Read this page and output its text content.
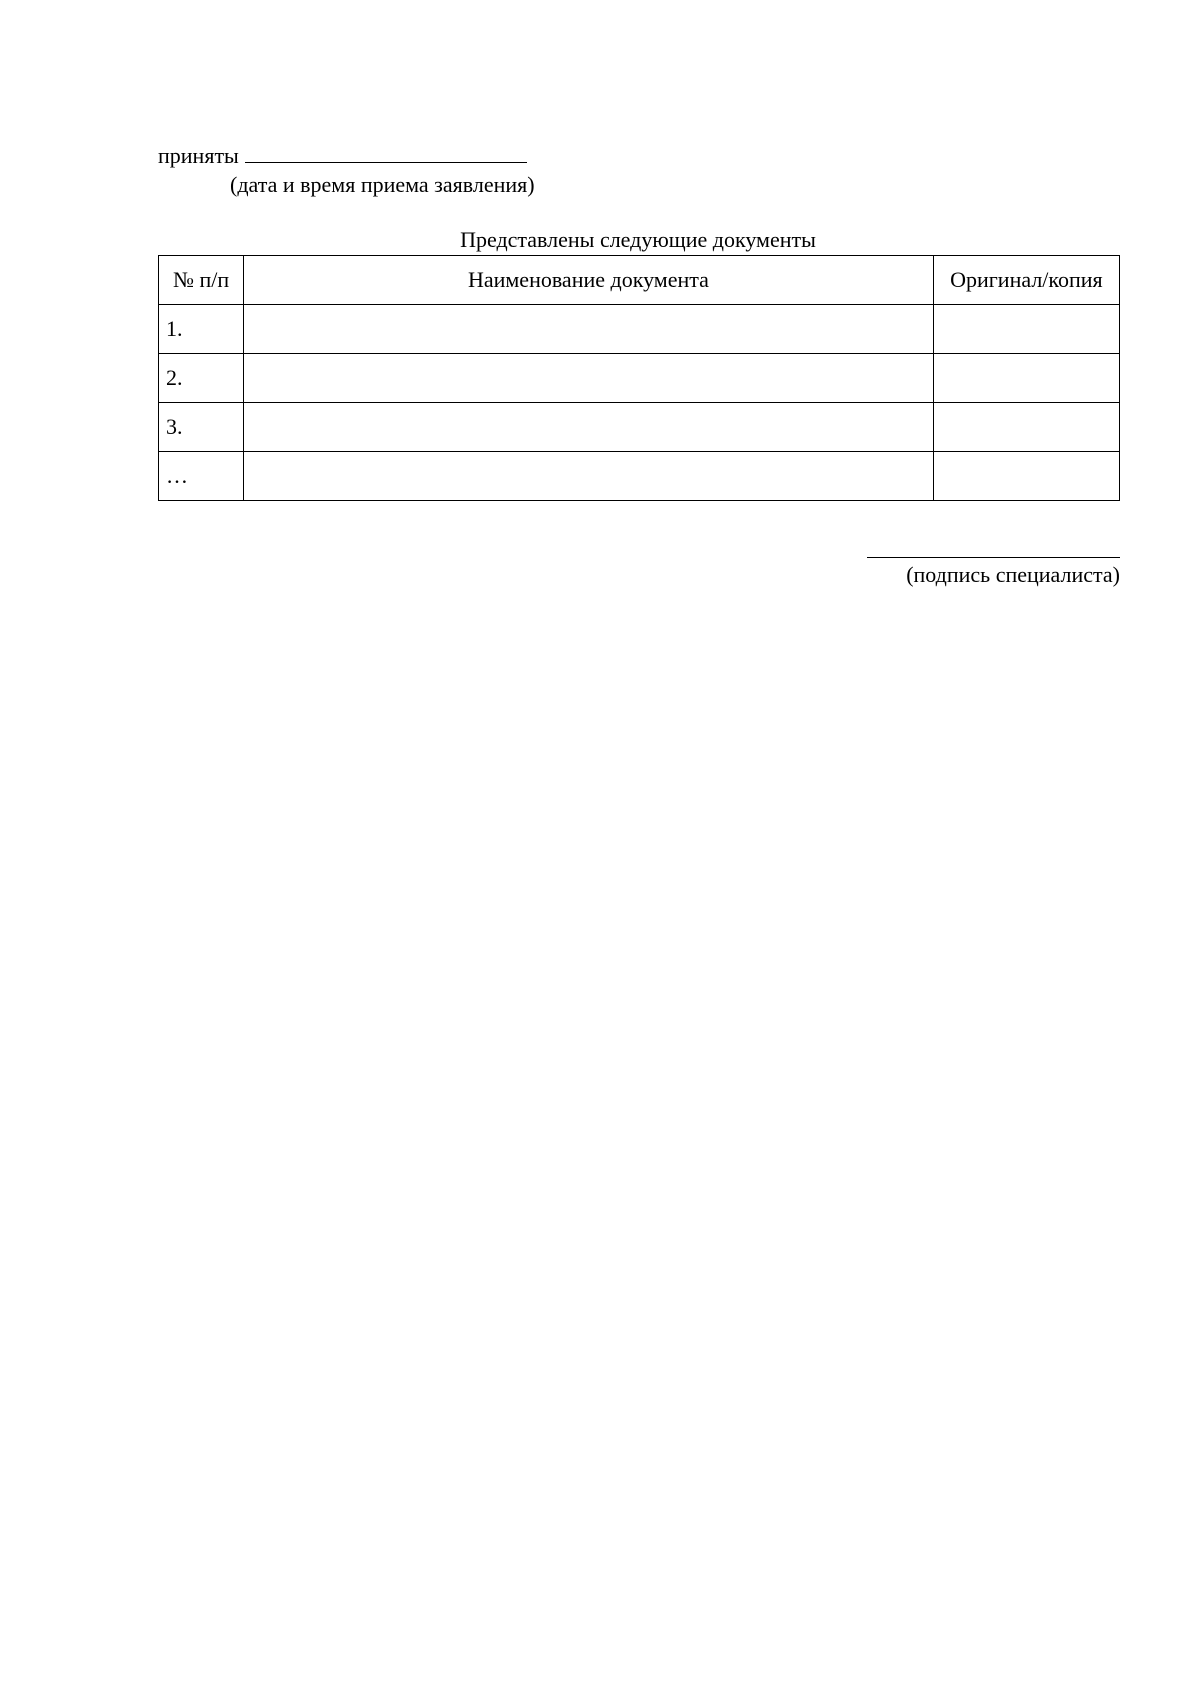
приняты
(дата и время приема заявления)
Представлены следующие документы
№ п/п	Наименование документа	Оригинал/копия
1.		
2.		
3.		
…		
(подпись специалиста)
